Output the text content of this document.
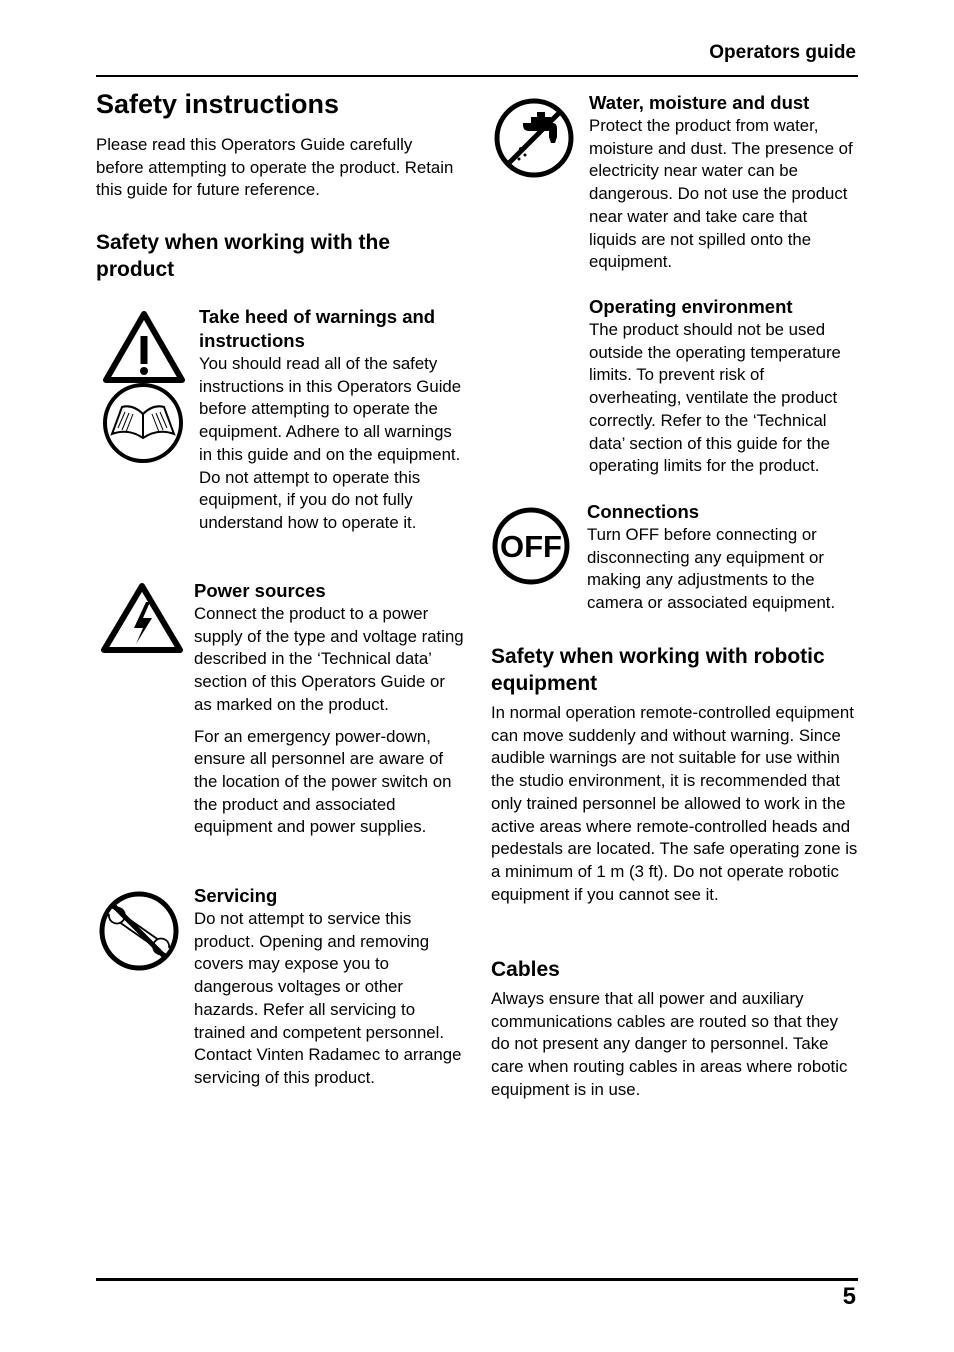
Operators guide
Safety instructions
Please read this Operators Guide carefully before attempting to operate the product. Retain this guide for future reference.
Safety when working with the product
Take heed of warnings and instructions
You should read all of the safety instructions in this Operators Guide before attempting to operate the equipment. Adhere to all warnings in this guide and on the equipment. Do not attempt to operate this equipment, if you do not fully understand how to operate it.
Power sources
Connect the product to a power supply of the type and voltage rating described in the ‘Technical data’ section of this Operators Guide or as marked on the product.
For an emergency power-down, ensure all personnel are aware of the location of the power switch on the product and associated equipment and power supplies.
Servicing
Do not attempt to service this product. Opening and removing covers may expose you to dangerous voltages or other hazards. Refer all servicing to trained and competent personnel. Contact Vinten Radamec to arrange servicing of this product.
Water, moisture and dust
Protect the product from water, moisture and dust. The presence of electricity near water can be dangerous. Do not use the product near water and take care that liquids are not spilled onto the equipment.
Operating environment
The product should not be used outside the operating temperature limits. To prevent risk of overheating, ventilate the product correctly. Refer to the ‘Technical data’ section of this guide for the operating limits for the product.
OFF
Connections
Turn OFF before connecting or disconnecting any equipment or making any adjustments to the camera or associated equipment.
Safety when working with robotic equipment
In normal operation remote-controlled equipment can move suddenly and without warning. Since audible warnings are not suitable for use within the studio environment, it is recommended that only trained personnel be allowed to work in the active areas where remote-controlled heads and pedestals are located. The safe operating zone is a minimum of 1 m (3 ft). Do not operate robotic equipment if you cannot see it.
Cables
Always ensure that all power and auxiliary communications cables are routed so that they do not present any danger to personnel. Take care when routing cables in areas where robotic equipment is in use.
5
